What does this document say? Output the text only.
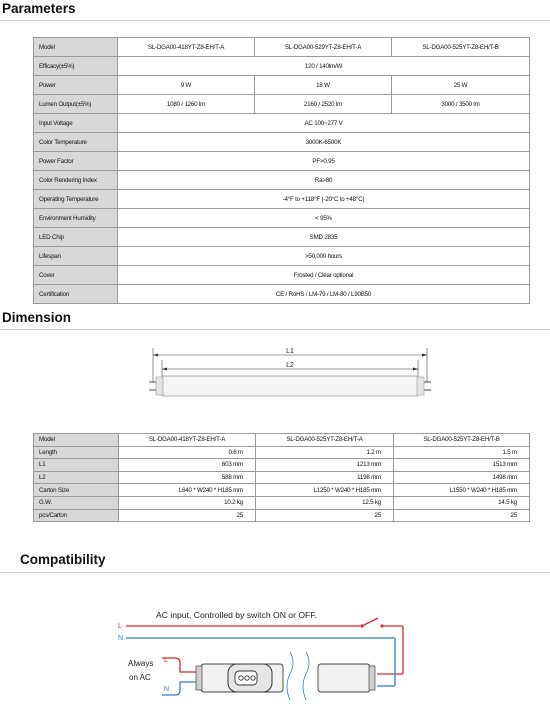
Parameters
Model	SL-DGA00-418YT-Z8-EH/T-A	SL-DGA00-529YT-Z8-EH/T-A	SL-DGA00-525YT-Z8-EH/T-B
Efficacy(±5%)	120 / 140lm/W		
Power	9 W	18 W	25 W
Lumen Output(±5%)	1080 / 1260 lm	2160 / 2520 lm	3000 / 3500 lm
Input Voltage	AC 100~277 V		
Color Temperature	3000K-6500K		
Power Factor	PF>0.95		
Color Rendering Index	Ra>80		
Operating Temperature	-4°F to +118°F (-20°C to +48°C)		
Environment Humidity	< 95%		
LED Chip	SMD 2835		
Lifespan	>50,000 hours		
Cover	Frosted / Clear optional		
Certification	CE / RoHS / LM-79 / LM-80 / L90B50		
Dimension
L1
L2
Model	SL-DGA00-418YT-Z8-EH/T-A	SL-DGA00-525YT-Z8-EH/T-A	SL-DGA00-525YT-Z8-EH/T-B
Length	0.6 m	1.2 m	1.5 m
L1	603 mm	1213 mm	1513 mm
L2	588 mm	1198 mm	1498 mm
Carton Size	L640 * W240 * H185 mm	L1250 * W240 * H185 mm	L1550 * W240 * H185 mm
G.W.	10.2 kg	12.5 kg	14.5 kg
pcs/Carton	25	25	25
Compatibility
AC input, Controlled by switch ON or OFF.
L
N
Always
on AC
L
N
